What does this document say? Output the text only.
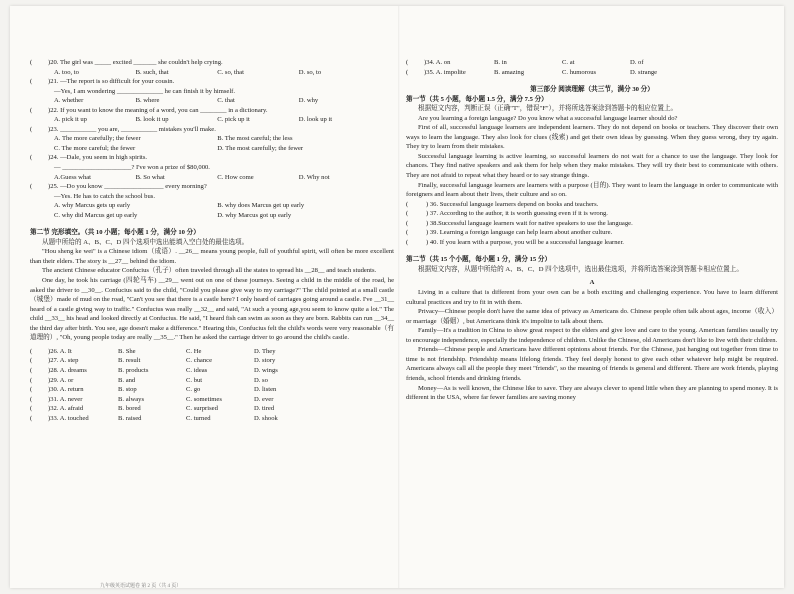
(	)20. The girl was _____ excited _______ she couldn't help crying.
A. too, to	B. such, that	C. so, that	D. so, to
(	)21. —The report is so difficult for your cousin.
—Yes, I am wondering ______________ he can finish it by himself.
A. whether	B. where	C. that	D. why
(	)22. If you want to know the meaning of a word, you can ________ in a dictionary.
A. pick it up	B. look it up	C. pick up it	D. look up it
(	)23. ___________ you are, ___________ mistakes you'll make.
A. The more carefully; the fewer	B. The most careful; the less
C. The more careful; the fewer	D. The most carefully; the fewer
(	)24. —Dale, you seem in high spirits.
— _____________________? I've won a prize of $80,000.
A.Guess what	B. So what	C. How come	D. Why not
(	)25. —Do you know __________________ every morning?
—Yes. He has to catch the school bus.
A. why Marcus gets up early	B. why does Marcus get up early
C. why did Marcus get up early	D. why Marcus got up early
第二节 完形填空。（共 10 小题；每小题 1 分，满分 10 分）
从题中所给的 A、B、C、D 四个选项中选出能填入空白处的最佳选项。
"Hou sheng ke wei" is a Chinese idiom（成语）. __26__ means young people, full of youthful spirit, will often be more excellent than their elders. The story is __27__ behind the idiom.
The ancient Chinese educator Confucius（孔子）often traveled through all the states to spread his __28__ and teach students.
One day, he took his carriage (四轮马车) __29__ went out on one of these journeys. Seeing a child in the middle of the road, he asked the driver to __30__. Confucius said to the child, "Could you please give way to my carriage?" The child pointed at a small castle （城堡）made of mud on the road, "Can't you see that there is a castle here? I only heard of carriages going around a castle. I've __31__ heard of a castle giving way to traffic." Confucius was really __32__ and said, "At such a young age,you seem to know quite a lot." The child __33__ his head and looked directly at Confucius. He said, "I heard fish can swim as soon as they are born. Rabbits can run __34__ the third day after birth. You see, age doesn't make a difference." Hearing this, Confucius felt the child's words were very reasonable（有道理的）, "Oh, young people today are really __35__." Then he asked the carriage driver to go around the child's castle.
(	)26. A. It	B. She	C. He	D. They
(	)27. A. step	B. result	C. chance	D. story
(	)28. A. dreams	B. products	C. ideas	D. wings
(	)29. A. or	B. and	C. but	D. so
(	)30. A. return	B. stop	C. go	D. listen
(	)31. A. never	B. always	C. sometimes	D. ever
(	)32. A. afraid	B. bored	C. surprised	D. tired
(	)33. A. touched	B. raised	C. turned	D. shook
(	)34. A. on	B. in	C. at	D. of
(	)35. A. impolite	B. amazing	C. humorous	D. strange
第三部分 阅读理解（共三节，满分 30 分）
第一节（共 5 小题，每小题 1.5 分，满分 7.5 分）
根据短文内容，判断正误（正确"T"，错误"F"），并将所选答案涂到答题卡的相应位置上。
Are you learning a foreign language? Do you know what a successful language learner should do?
First of all, successful language learners are independent learners. They do not depend on books or teachers. They discover their own ways to learn the language. They also look for clues (线索) and get their own ideas by guessing. When they guess wrong, they try again. They try to learn from their mistakes.
Successful language learning is active learning, so successful learners do not wait for a chance to use the language. They look for chances. They find native speakers and ask them for help when they make mistakes. They will try their best to communicate with others. They are not afraid to repeat what they heard or to say strange things.
Finally, successful language learners are learners with a purpose (目的). They want to learn the language in order to communicate with foreigners and learn about their lives, their culture and so on.
(	) 36. Successful language learners depend on books and teachers.
(	) 37. According to the author, it is worth guessing even if it is wrong.
(	) 38.Successful language learners wait for native speakers to use the language.
(	) 39. Learning a foreign language can help learn about another culture.
(	) 40. If you learn with a purpose, you will be a successful language learner.
第二节（共 15 个小题，每小题 1 分，满分 15 分）
根据短文内容，从题中所给的 A、B、C、D 四个选项中，选出最佳选项，并将所选答案涂到答题卡相应位置上。
A
Living in a culture that is different from your own can be a both exciting and challenging experience. You have to learn different cultural practices and try to fit in with them.
Privacy—Chinese people don't have the same idea of privacy as Americans do. Chinese people often talk about ages, income（收入）or marriage（婚姻）, but Americans think it's impolite to talk about them.
Family—It's a tradition in China to show great respect to the elders and give love and care to the young. American families usually try to encourage independence, especially the independence of children. Unlike the Chinese, old Americans don't like to live with their children.
Friends—Chinese people and Americans have different opinions about friends. For the Chinese, just hanging out together from time to time is not friendship. Friendship means lifelong friends. They feel deeply honest to give each other whatever help might be required. Americans always call all the people they meet "friends", so the meaning of friends is general and different. There are work friends, playing friends, school friends and drinking friends.
Money—As is well known, the Chinese like to save. They are always clever to spend little when they are planning to spend money. It is different in the USA, where far fewer families are saving money
九年级英语试题卷 第 2 页（共 4 页）
